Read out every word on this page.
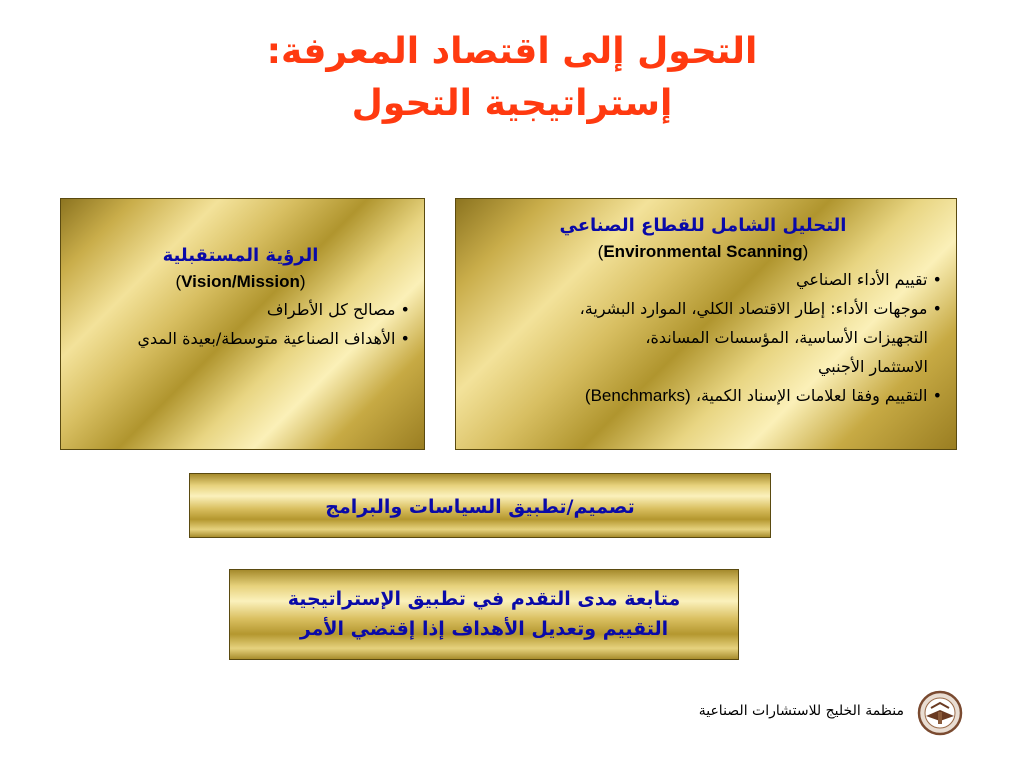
التحول إلى اقتصاد المعرفة:
إستراتيجية التحول
التحليل الشامل للقطاع الصناعي
(Environmental Scanning)
• تقييم الأداء الصناعي
• موجهات الأداء: إطار الاقتصاد الكلي، الموارد البشرية،
التجهيزات الأساسية، المؤسسات المساندة،
الاستثمار الأجنبي
• التقييم وفقا لعلامات الإسناد الكمية، (Benchmarks)
الرؤية المستقبلية
(Vision/Mission)
• مصالح كل الأطراف
• الأهداف الصناعية متوسطة/بعيدة المدي
تصميم/تطبيق السياسات والبرامج
متابعة مدى التقدم في تطبيق الإستراتيجية
التقييم وتعديل الأهداف إذا إقتضي الأمر
منظمة الخليج للاستشارات الصناعية
